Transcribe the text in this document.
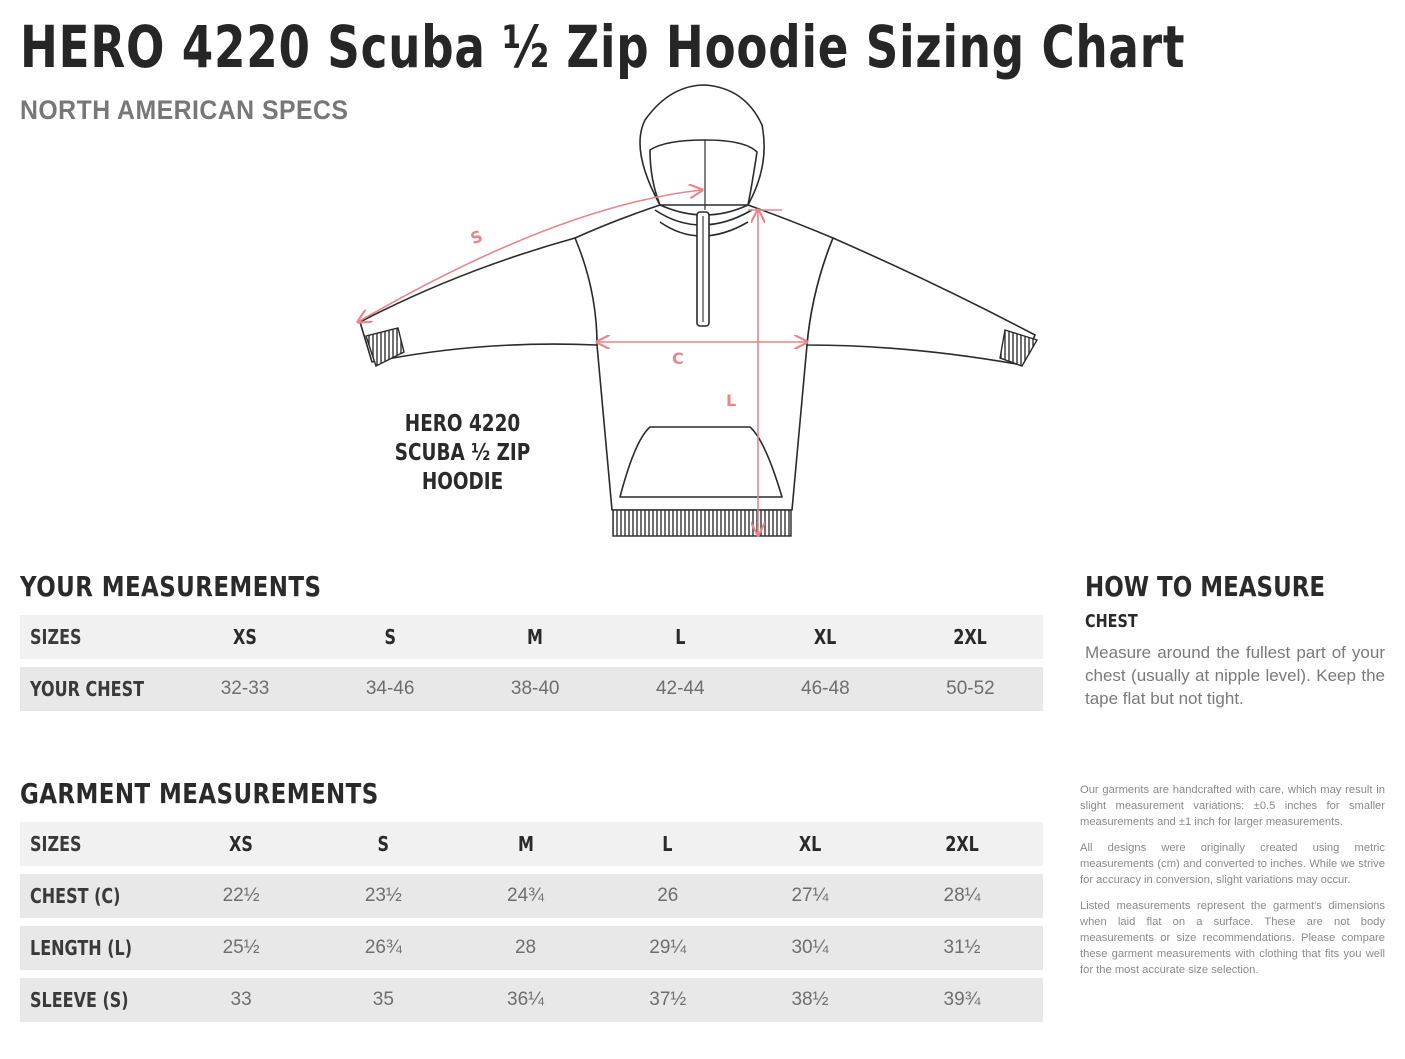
HERO 4220 Scuba ½ Zip Hoodie Sizing Chart
NORTH AMERICAN SPECS
S
C
L
HERO 4220
SCUBA ½ ZIP HOODIE
YOUR MEASUREMENTS
SIZES	XS	S	M	L	XL	2XL
YOUR CHEST	32-33	34-46	38-40	42-44	46-48	50-52
GARMENT MEASUREMENTS
SIZES	XS	S	M	L	XL	2XL
CHEST (C)	22½	23½	24¾	26	27¼	28¼
LENGTH (L)	25½	26¾	28	29¼	30¼	31½
SLEEVE (S)	33	35	36¼	37½	38½	39¾
HOW TO MEASURE
CHEST
Measure around the fullest part of your chest (usually at nipple level). Keep the tape flat but not tight.

Our garments are handcrafted with care, which may result in slight measurement variations: ±0.5 inches for smaller measurements and ±1 inch for larger measurements.

All designs were originally created using metric measurements (cm) and converted to inches. While we strive for accuracy in conversion, slight variations may occur.

Listed measurements represent the garment's dimensions when laid flat on a surface. These are not body measurements or size recommendations. Please compare these garment measurements with clothing that fits you well for the most accurate size selection.
